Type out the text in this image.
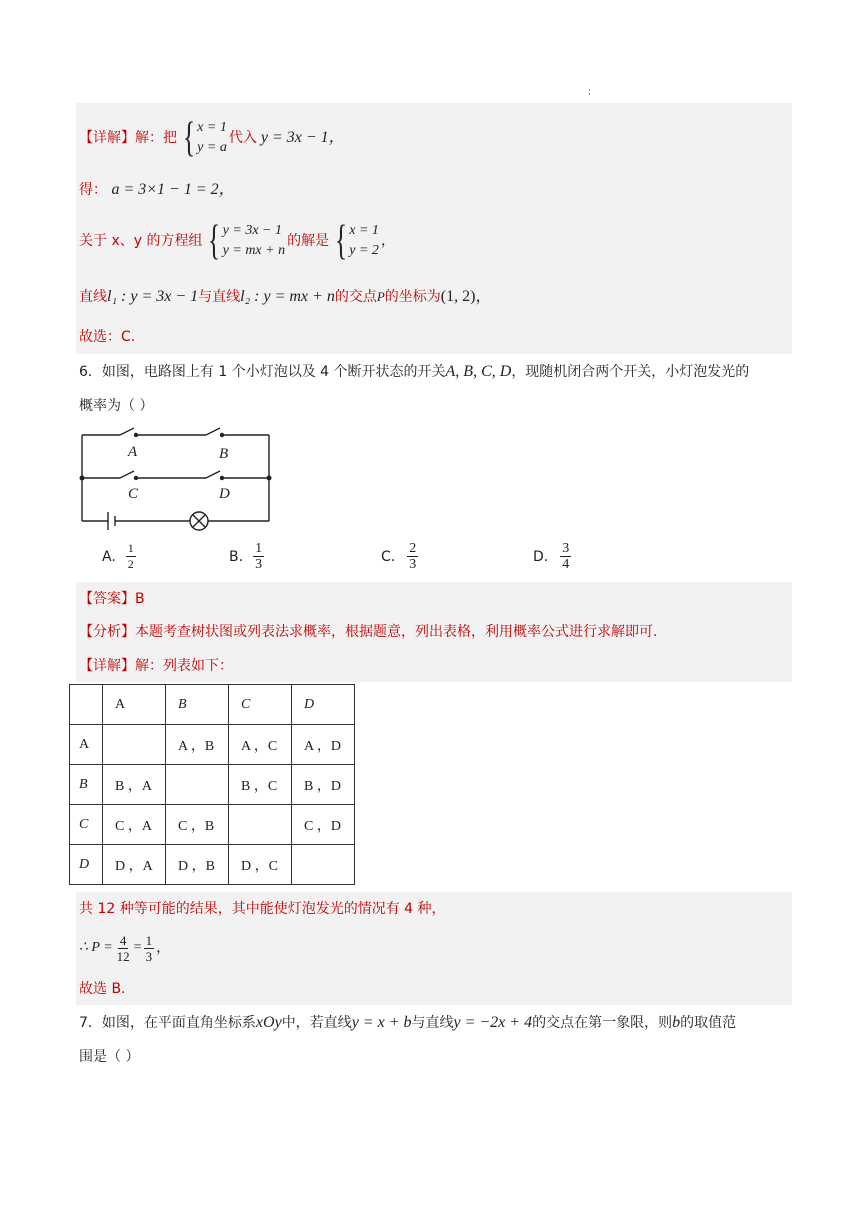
;
【详解】 解：把 { x = 1
y = a
代入 y = 3x − 1，
得： a = 3×1 − 1 = 2，
关于 x、y 的方程组 { y = 3x − 1
y = mx + n
的解是 { x = 1
y = 2
，
直线l₁ : y = 3x − 1与直线l₂ : y = mx + n的交点P的坐标为(1, 2)，
故选：C.
6．如图，电路图上有 1 个小灯泡以及 4 个断开状态的开关A, B, C, D，现随机闭合两个开关，小灯泡发光的
概率为（ ）
A	B
C	D
A. $\frac{1}{2}$	B. $\frac{1}{3}$	C. $\frac{2}{3}$	D. $\frac{3}{4}$
【答案】B
【分析】本题考查树状图或列表法求概率，根据题意，列出表格，利用概率公式进行求解即可.
【详解】解：列表如下：
	A	B	C	D
A		A ，B	A ，C	A ，D
B	B ，A		B ，C	B ，D
C	C ，A	C ，B		C ，D
D	D ，A	D ，B	D ，C	
共 12 种等可能的结果，其中能使灯泡发光的情况有 4 种，
∴ $P = \frac{4}{12} = \frac{1}{3}$ ，
故选 B.
7．如图，在平面直角坐标系xOy中，若直线y = x + b与直线y = −2x + 4的交点在第一象限，则b的取值范
围是（ ）
